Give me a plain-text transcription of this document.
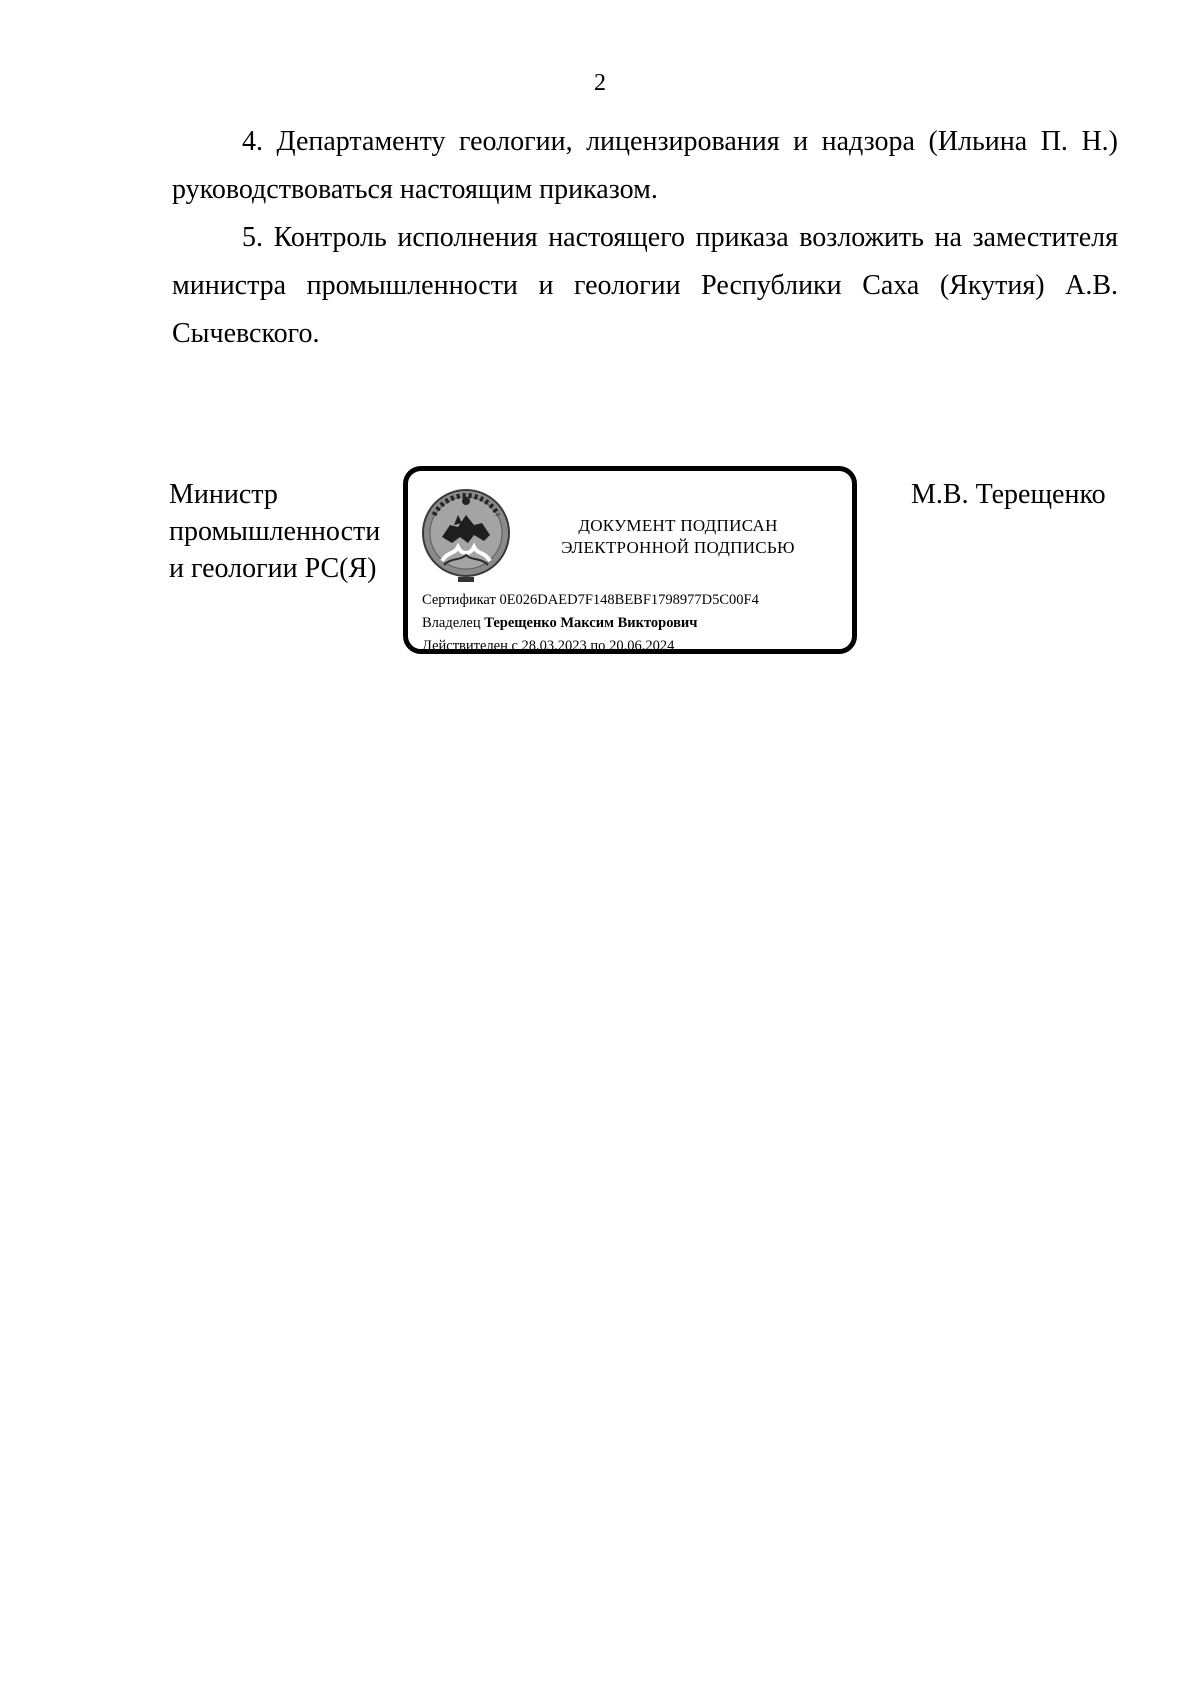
2

4. Департаменту геологии, лицензирования и надзора (Ильина П. Н.) руководствоваться настоящим приказом.

5. Контроль исполнения настоящего приказа возложить на заместителя министра промышленности и геологии Республики Саха (Якутия) А.В. Сычевского.

Министр
промышленности
и геологии РС(Я)
ДОКУМЕНТ ПОДПИСАН
ЭЛЕКТРОННОЙ ПОДПИСЬЮ
Сертификат 0E026DAED7F148BEBF1798977D5C00F4
Владелец Терещенко Максим Викторович
Действителен с 28.03.2023 по 20.06.2024
М.В. Терещенко
